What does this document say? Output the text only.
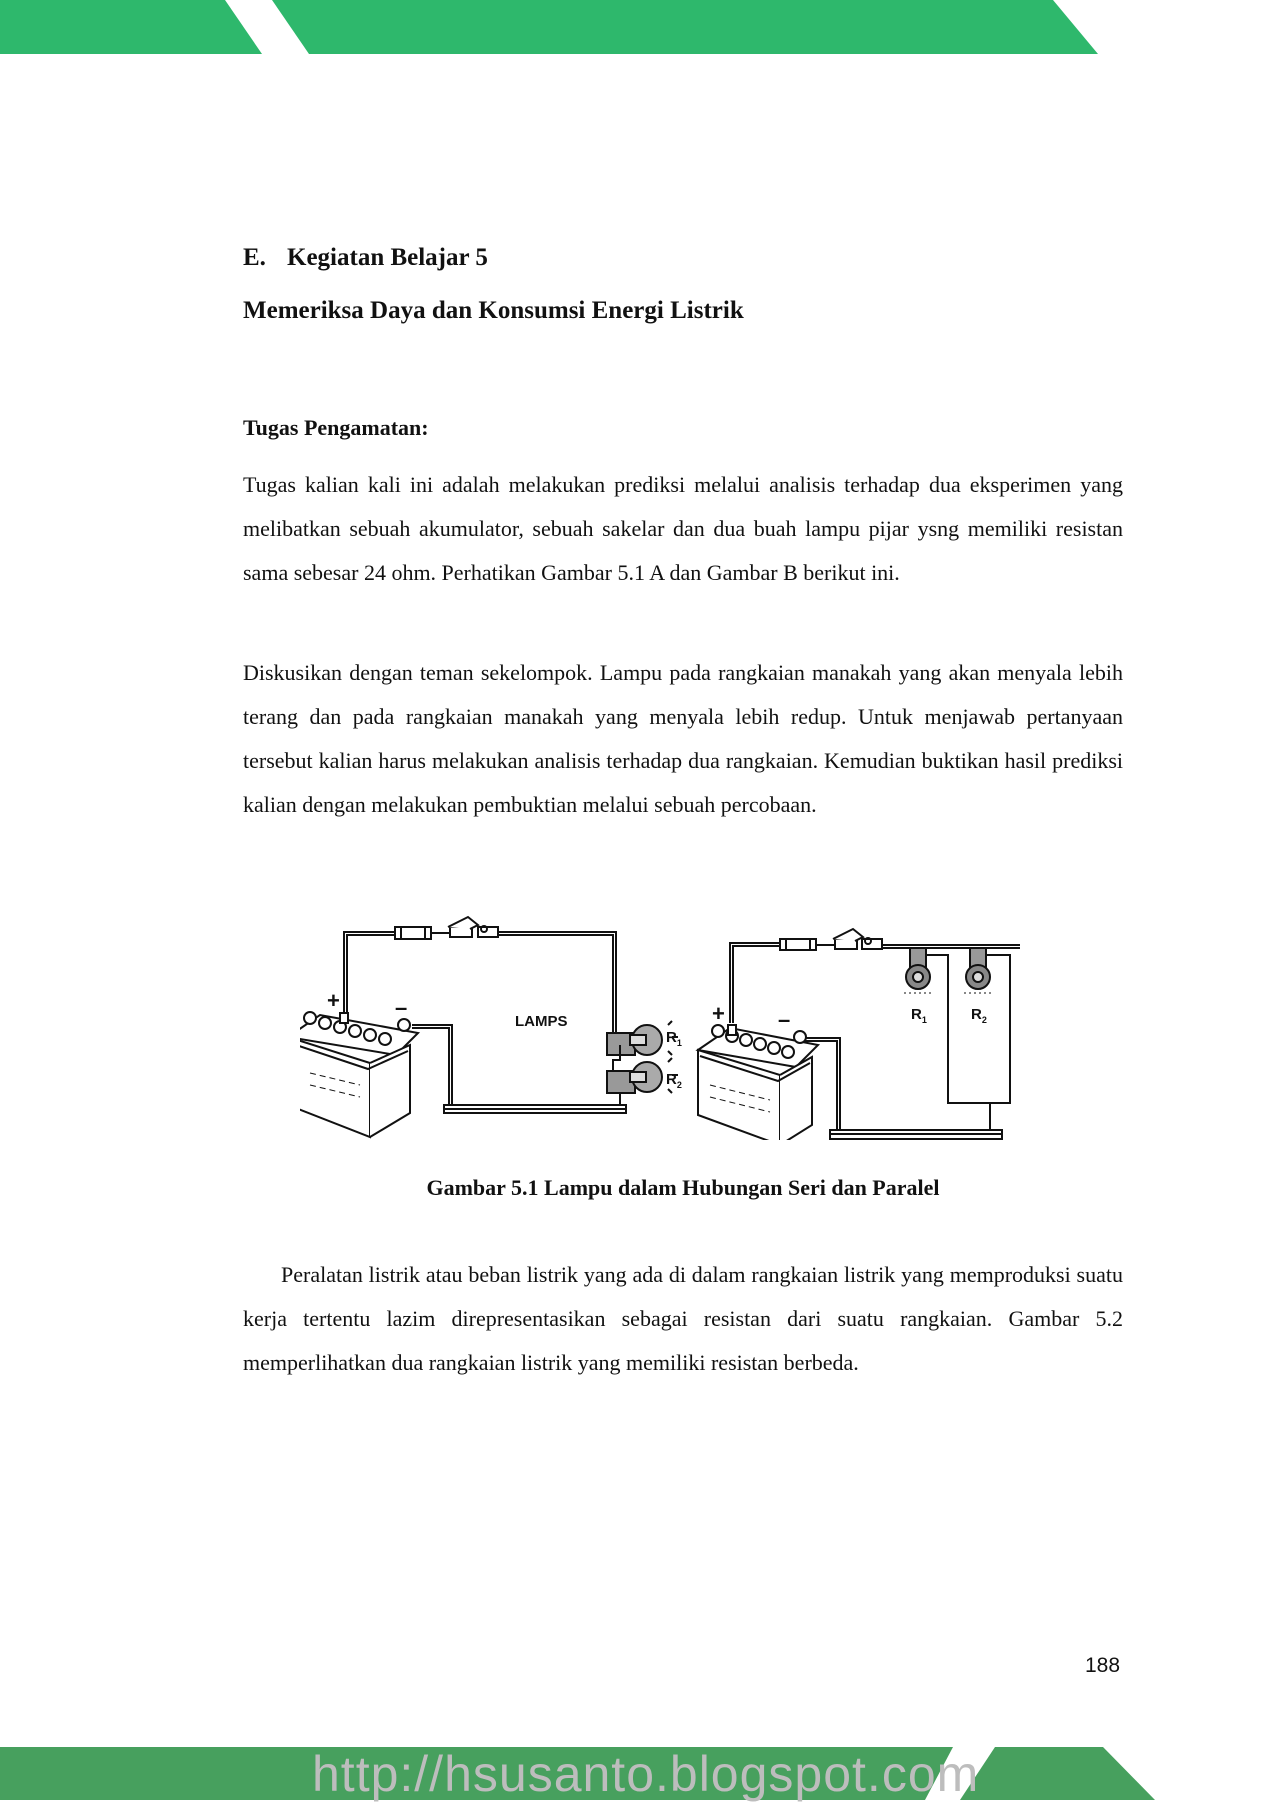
E. Kegiatan Belajar 5
Memeriksa Daya dan Konsumsi Energi Listrik
Tugas Pengamatan:

Tugas kalian kali ini adalah melakukan prediksi melalui analisis terhadap dua eksperimen yang melibatkan sebuah akumulator, sebuah sakelar dan dua buah lampu pijar ysng memiliki resistan sama sebesar 24 ohm. Perhatikan Gambar 5.1 A dan Gambar B berikut ini.

Diskusikan dengan teman sekelompok. Lampu pada rangkaian manakah yang akan menyala lebih terang dan pada rangkaian manakah yang menyala lebih redup. Untuk menjawab pertanyaan tersebut kalian harus melakukan analisis terhadap dua rangkaian. Kemudian buktikan hasil prediksi kalian dengan melakukan pembuktian melalui sebuah percobaan.

+	–
LAMPS
$R_1$
$R_2$
+ –	$R_1$	$R_2$

Gambar 5.1 Lampu dalam Hubungan Seri dan Paralel

Peralatan listrik atau beban listrik yang ada di dalam rangkaian listrik yang memproduksi suatu kerja tertentu lazim direpresentasikan sebagai resistan dari suatu rangkaian. Gambar 5.2 memperlihatkan dua rangkaian listrik yang memiliki resistan berbeda.

188
http://hsusanto.blogspot.com
